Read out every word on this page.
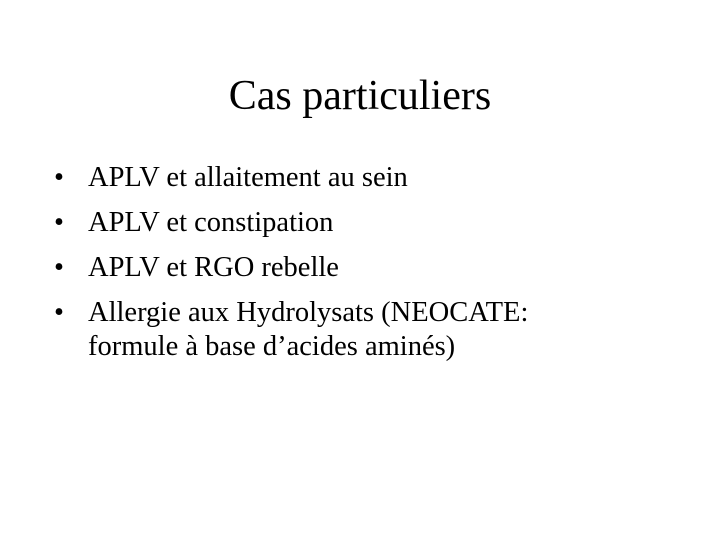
Cas particuliers
• APLV et allaitement au sein
• APLV et constipation
• APLV et RGO rebelle
• Allergie aux Hydrolysats (NEOCATE:
formule à base d’acides aminés)
